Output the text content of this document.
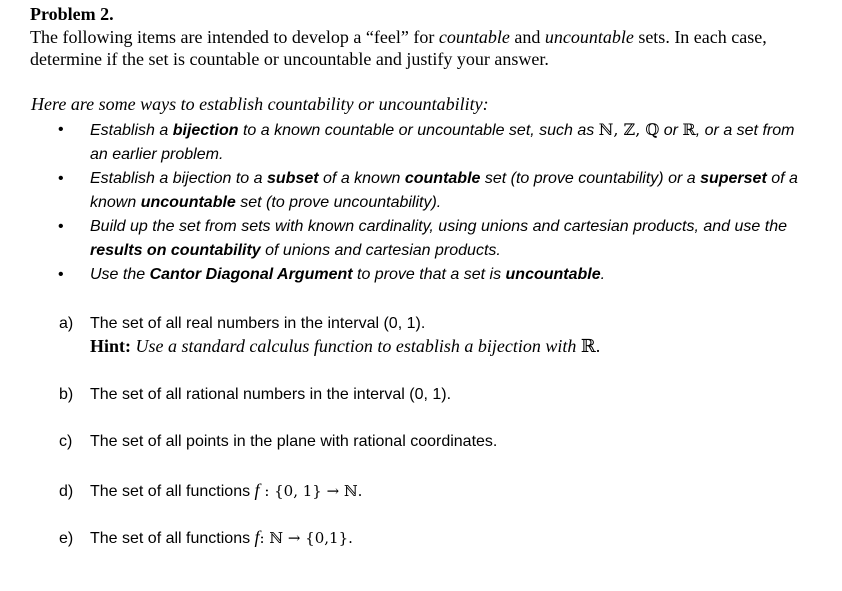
Problem 2.

The following items are intended to develop a “feel” for countable and uncountable sets. In each case, determine if the set is countable or uncountable and justify your answer.

Here are some ways to establish countability or uncountability:

• Establish a bijection to a known countable or uncountable set, such as ℕ, ℤ, ℚ or ℝ, or a set from an earlier problem.
• Establish a bijection to a subset of a known countable set (to prove countability) or a superset of a known uncountable set (to prove uncountability).
• Build up the set from sets with known cardinality, using unions and cartesian products, and use the results on countability of unions and cartesian products.
• Use the Cantor Diagonal Argument to prove that a set is uncountable.
a) The set of all real numbers in the interval (0, 1).
Hint: Use a standard calculus function to establish a bijection with ℝ.
b) The set of all rational numbers in the interval (0, 1).
c) The set of all points in the plane with rational coordinates.
d) The set of all functions f : {0, 1} → ℕ.
e) The set of all functions f: ℕ → {0,1}.
